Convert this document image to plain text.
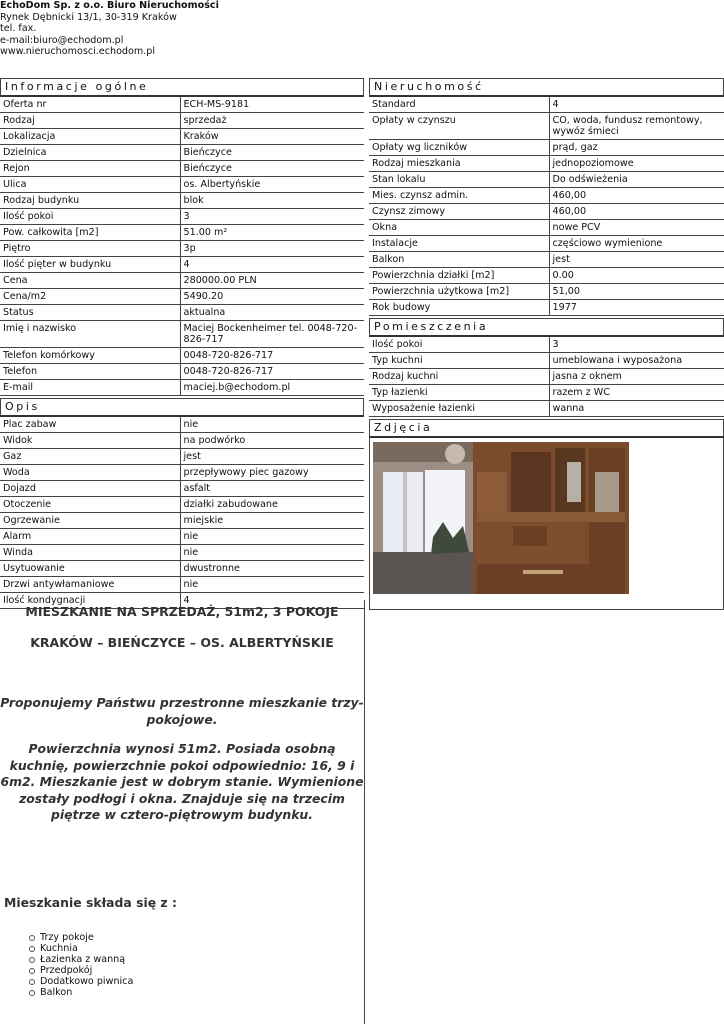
EchoDom Sp. z o.o. Biuro Nieruchomości
Rynek Dębnicki 13/1, 30-319 Kraków
tel. fax.
e-mail:biuro@echodom.pl
www.nieruchomosci.echodom.pl
Informacje ogólne
Oferta nr	ECH-MS-9181
Rodzaj	sprzedaż
Lokalizacja	Kraków
Dzielnica	Bieńczyce
Rejon	Bieńczyce
Ulica	os. Albertyńskie
Rodzaj budynku	blok
Ilość pokoi	3
Pow. całkowita [m2]	51.00 m²
Piętro	3p
Ilość pięter w budynku	4
Cena	280000.00 PLN
Cena/m2	5490.20
Status	aktualna
Imię i nazwisko	Maciej Bockenheimer tel. 0048-720-826-717
Telefon komórkowy	0048-720-826-717
Telefon	0048-720-826-717
E-mail	maciej.b@echodom.pl
Opis
Plac zabaw	nie
Widok	na podwórko
Gaz	jest
Woda	przepływowy piec gazowy
Dojazd	asfalt
Otoczenie	działki zabudowane
Ogrzewanie	miejskie
Alarm	nie
Winda	nie
Usytuowanie	dwustronne
Drzwi antywłamaniowe	nie
Ilość kondygnacji	4
Nieruchomość
Standard	4
Opłaty w czynszu	CO, woda, fundusz remontowy, wywóz śmieci
Opłaty wg liczników	prąd, gaz
Rodzaj mieszkania	jednopoziomowe
Stan lokalu	Do odświeżenia
Mies. czynsz admin.	460,00
Czynsz zimowy	460,00
Okna	nowe PCV
Instalacje	częściowo wymienione
Balkon	jest
Powierzchnia działki [m2]	0.00
Powierzchnia użytkowa [m2]	51,00
Rok budowy	1977
Pomieszczenia
Ilość pokoi	3
Typ kuchni	umeblowana i wyposażona
Rodzaj kuchni	jasna z oknem
Typ łazienki	razem z WC
Wyposażenie łazienki	wanna
Zdjęcia
MIESZKANIE NA SPRZEDAŻ, 51m2, 3 POKOJE
KRAKÓW – BIEŃCZYCE – OS. ALBERTYŃSKIE
Proponujemy Państwu przestronne mieszkanie trzy-pokojowe.
Powierzchnia wynosi 51m2. Posiada osobną kuchnię, powierzchnie pokoi odpowiednio: 16, 9 i 6m2. Mieszkanie jest w dobrym stanie. Wymienione zostały podłogi i okna. Znajduje się na trzecim piętrze w cztero-piętrowym budynku.
Mieszkanie składa się z :
Trzy pokoje
Kuchnia
Łazienka z wanną
Przedpokój
Dodatkowo piwnica
Balkon
